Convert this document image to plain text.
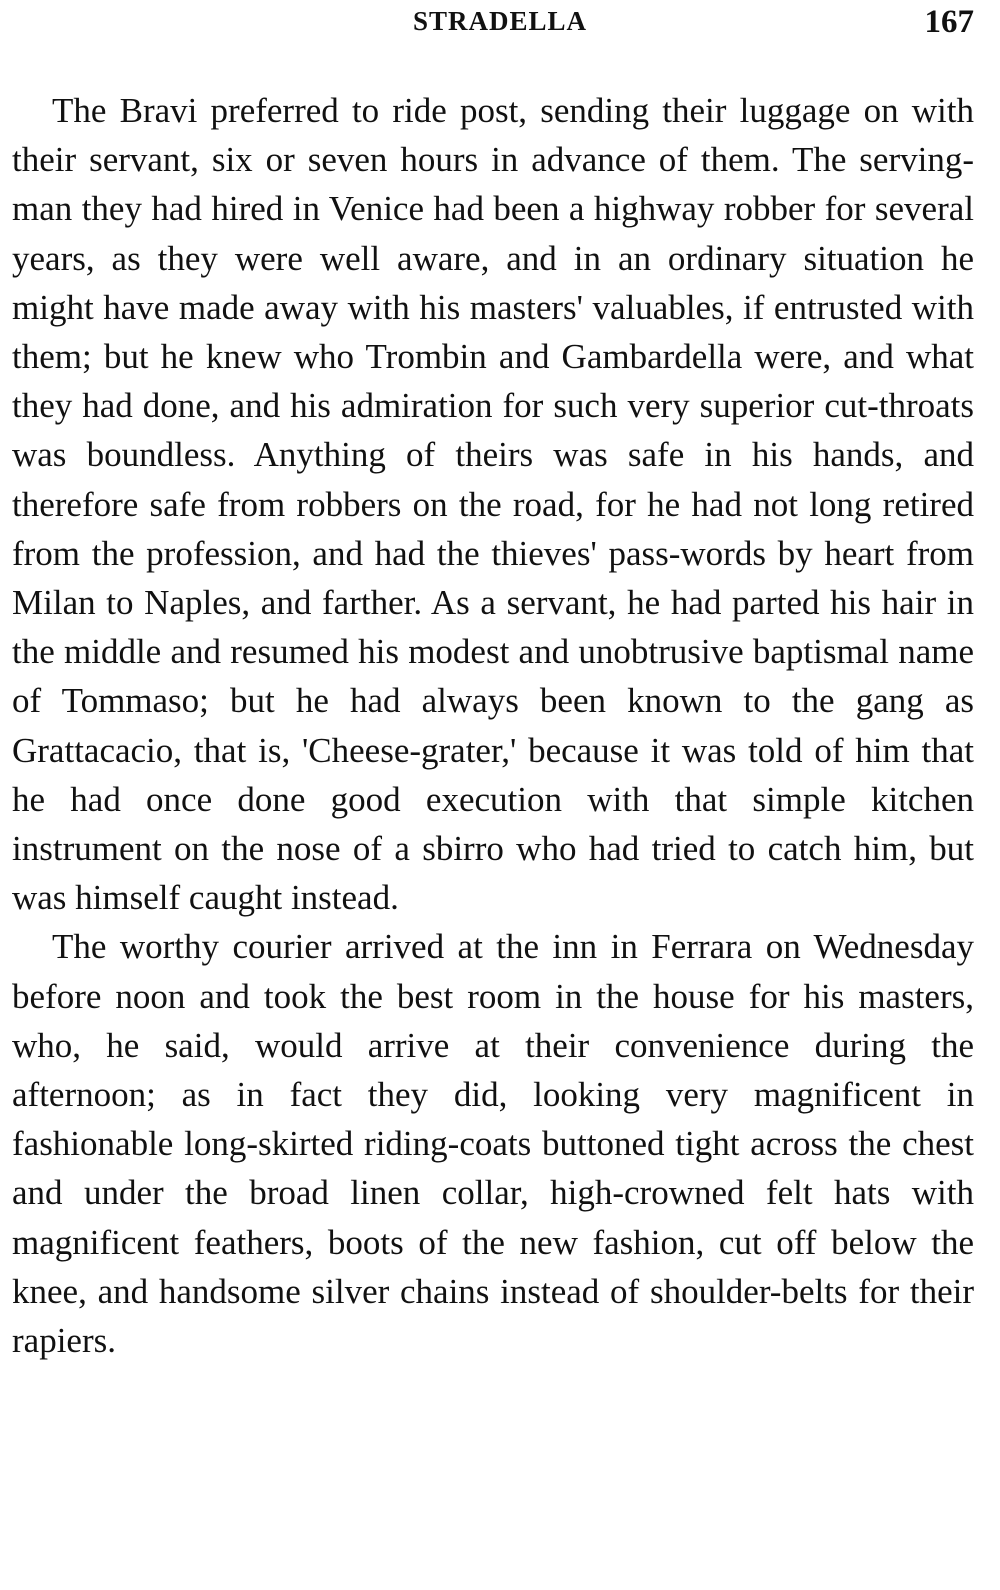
STRADELLA	167

The Bravi preferred to ride post, sending their luggage on with their servant, six or seven hours in advance of them. The serving-man they had hired in Venice had been a highway robber for several years, as they were well aware, and in an ordinary situation he might have made away with his masters' valuables, if entrusted with them; but he knew who Trombin and Gambardella were, and what they had done, and his admiration for such very superior cut-throats was boundless. Anything of theirs was safe in his hands, and therefore safe from robbers on the road, for he had not long retired from the profession, and had the thieves' pass-words by heart from Milan to Naples, and farther. As a servant, he had parted his hair in the middle and resumed his modest and unobtrusive baptismal name of Tommaso; but he had always been known to the gang as Grattacacio, that is, 'Cheese-grater,' because it was told of him that he had once done good execution with that simple kitchen instrument on the nose of a sbirro who had tried to catch him, but was himself caught instead.

The worthy courier arrived at the inn in Ferrara on Wednesday before noon and took the best room in the house for his masters, who, he said, would arrive at their convenience during the afternoon; as in fact they did, looking very magnificent in fashionable long-skirted riding-coats buttoned tight across the chest and under the broad linen collar, high-crowned felt hats with magnificent feathers, boots of the new fashion, cut off below the knee, and handsome silver chains instead of shoulder-belts for their rapiers.
